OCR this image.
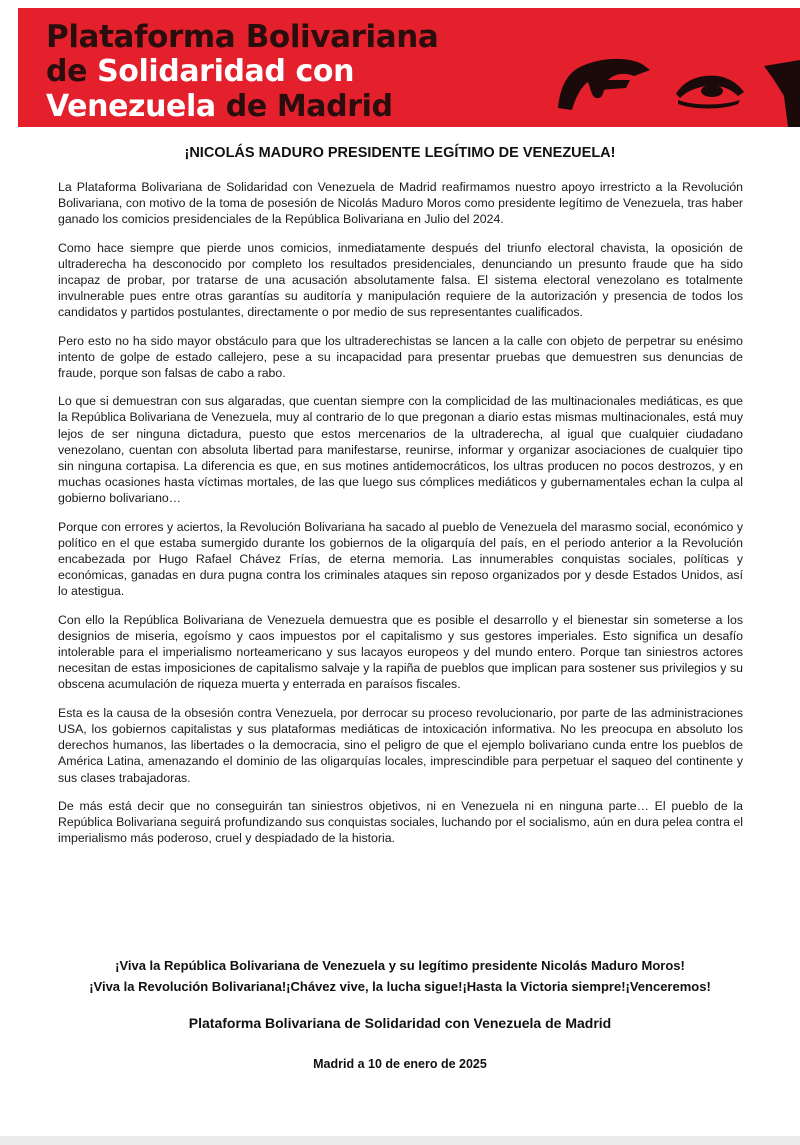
Plataforma Bolivariana
de Solidaridad con
Venezuela de Madrid
¡NICOLÁS MADURO PRESIDENTE LEGÍTIMO DE VENEZUELA!

La Plataforma Bolivariana de Solidaridad con Venezuela de Madrid reafirmamos nuestro apoyo irrestricto a la Revolución Bolivariana, con motivo de la toma de posesión de Nicolás Maduro Moros como presidente legítimo de Venezuela, tras haber ganado los comicios presidenciales de la República Bolivariana en Julio del 2024.

Como hace siempre que pierde unos comicios, inmediatamente después del triunfo electoral chavista, la oposición de ultraderecha ha desconocido por completo los resultados presidenciales, denunciando un presunto fraude que ha sido incapaz de probar, por tratarse de una acusación absolutamente falsa. El sistema electoral venezolano es totalmente invulnerable pues entre otras garantías su auditoría y manipulación requiere de la autorización y presencia de todos los candidatos y partidos postulantes, directamente o por medio de sus representantes cualificados.

Pero esto no ha sido mayor obstáculo para que los ultraderechistas se lancen a la calle con objeto de perpetrar su enésimo intento de golpe de estado callejero, pese a su incapacidad para presentar pruebas que demuestren sus denuncias de fraude, porque son falsas de cabo a rabo.

Lo que si demuestran con sus algaradas, que cuentan siempre con la complicidad de las multinacionales mediáticas, es que la República Bolivariana de Venezuela, muy al contrario de lo que pregonan a diario estas mismas multinacionales, está muy lejos de ser ninguna dictadura, puesto que estos mercenarios de la ultraderecha, al igual que cualquier ciudadano venezolano, cuentan con absoluta libertad para manifestarse, reunirse, informar y organizar asociaciones de cualquier tipo sin ninguna cortapisa. La diferencia es que, en sus motines antidemocráticos, los ultras producen no pocos destrozos, y en muchas ocasiones hasta víctimas mortales, de las que luego sus cómplices mediáticos y gubernamentales echan la culpa al gobierno bolivariano…

Porque con errores y aciertos, la Revolución Bolivariana ha sacado al pueblo de Venezuela del marasmo social, económico y político en el que estaba sumergido durante los gobiernos de la oligarquía del país, en el periodo anterior a la Revolución encabezada por Hugo Rafael Chávez Frías, de eterna memoria. Las innumerables conquistas sociales, políticas y económicas, ganadas en dura pugna contra los criminales ataques sin reposo organizados por y desde Estados Unidos, así lo atestigua.

Con ello la República Bolivariana de Venezuela demuestra que es posible el desarrollo y el bienestar sin someterse a los designios de miseria, egoísmo y caos impuestos por el capitalismo y sus gestores imperiales. Esto significa un desafío intolerable para el imperialismo norteamericano y sus lacayos europeos y del mundo entero. Porque tan siniestros actores necesitan de estas imposiciones de capitalismo salvaje y la rapiña de pueblos que implican para sostener sus privilegios y su obscena acumulación de riqueza muerta y enterrada en paraísos fiscales.

Esta es la causa de la obsesión contra Venezuela, por derrocar su proceso revolucionario, por parte de las administraciones USA, los gobiernos capitalistas y sus plataformas mediáticas de intoxicación informativa. No les preocupa en absoluto los derechos humanos, las libertades o la democracia, sino el peligro de que el ejemplo bolivariano cunda entre los pueblos de América Latina, amenazando el dominio de las oligarquías locales, imprescindible para perpetuar el saqueo del continente y sus clases trabajadoras.

De más está decir que no conseguirán tan siniestros objetivos, ni en Venezuela ni en ninguna parte… El pueblo de la República Bolivariana seguirá profundizando sus conquistas sociales, luchando por el socialismo, aún en dura pelea contra el imperialismo más poderoso, cruel y despiadado de la historia.

¡Viva la República Bolivariana de Venezuela y su legítimo presidente Nicolás Maduro Moros!
¡Viva la Revolución Bolivariana!¡Chávez vive, la lucha sigue!¡Hasta la Victoria siempre!¡Venceremos!
Plataforma Bolivariana de Solidaridad con Venezuela de Madrid
Madrid a 10 de enero de 2025
